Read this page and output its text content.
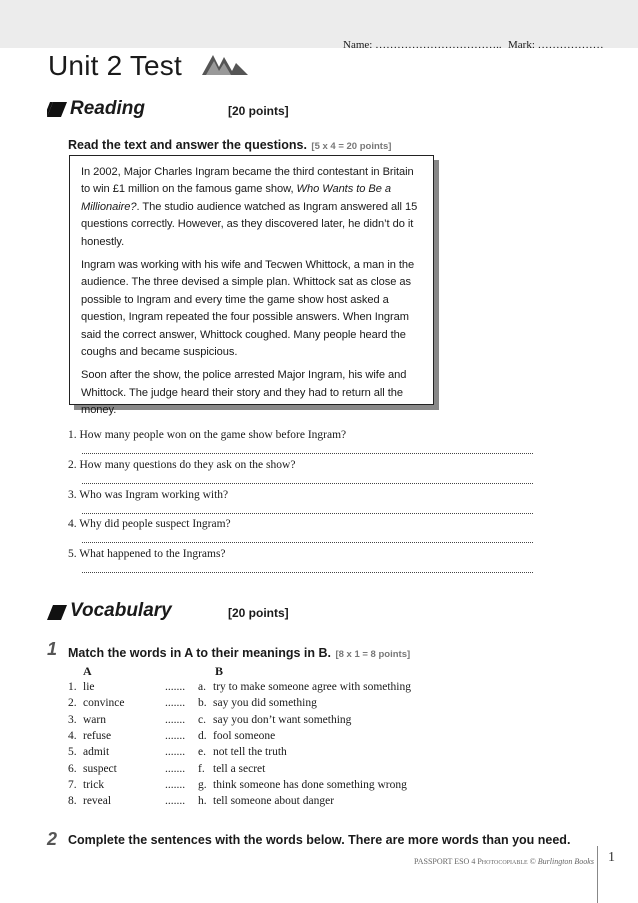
Unit 2 Test
Name: …………………………….. Mark: ………………
Reading	[20 points]
Read the text and answer the questions. [5 x 4 = 20 points]

In 2002, Major Charles Ingram became the third contestant in Britain to win £1 million on the famous game show, Who Wants to Be a Millionaire?. The studio audience watched as Ingram answered all 15 questions correctly. However, as they discovered later, he didn’t do it honestly.

Ingram was working with his wife and Tecwen Whittock, a man in the audience. The three devised a simple plan. Whittock sat as close as possible to Ingram and every time the game show host asked a question, Ingram repeated the four possible answers. When Ingram said the correct answer, Whittock coughed. Many people heard the coughs and became suspicious.

Soon after the show, the police arrested Major Ingram, his wife and Whittock. The judge heard their story and they had to return all the money.

1. How many people won on the game show before Ingram?
2. How many questions do they ask on the show?
3. Who was Ingram working with?
4. Why did people suspect Ingram?
5. What happened to the Ingrams?
Vocabulary	[20 points]
1 Match the words in A to their meanings in B. [8 x 1 = 8 points]
A	B
1. lie	....... a. try to make someone agree with something
2. convince	....... b. say you did something
3. warn	....... c. say you don’t want something
4. refuse	....... d. fool someone
5. admit	....... e. not tell the truth
6. suspect	....... f. tell a secret
7. trick	....... g. think someone has done something wrong
8. reveal	....... h. tell someone about danger
2 Complete the sentences with the words below. There are more words than you need.
PASSPORT ESO 4 Photocopiable © Burlington Books 1
